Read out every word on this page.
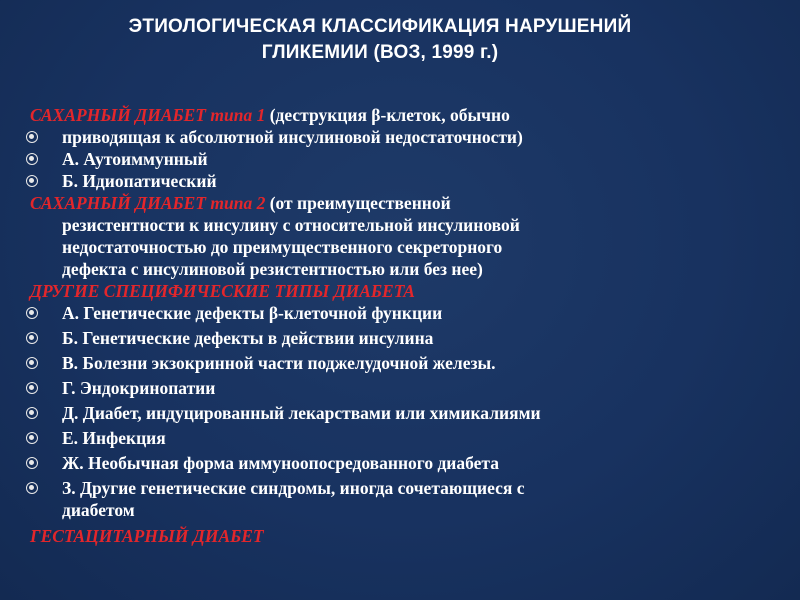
ЭТИОЛОГИЧЕСКАЯ КЛАССИФИКАЦИЯ НАРУШЕНИЙ
ГЛИКЕМИИ (ВОЗ, 1999 г.)
САХАРНЫЙ ДИАБЕТ типа 1 (деструкция β-клеток, обычно
приводящая к абсолютной инсулиновой недостаточности)
А. Аутоиммунный
Б. Идиопатический
САХАРНЫЙ ДИАБЕТ типа 2 (от преимущественной
резистентности к инсулину с относительной инсулиновой
недостаточностью до преимущественного секреторного
дефекта с инсулиновой резистентностью или без нее)
ДРУГИЕ СПЕЦИФИЧЕСКИЕ ТИПЫ ДИАБЕТА
А. Генетические дефекты β-клеточной функции
Б. Генетические дефекты в действии инсулина
В. Болезни экзокринной части поджелудочной железы.
Г. Эндокринопатии
Д. Диабет, индуцированный лекарствами или химикалиями
Е. Инфекция
Ж. Необычная форма иммуноопосредованного диабета
З. Другие генетические синдромы, иногда сочетающиеся с
диабетом
ГЕСТАЦИТАРНЫЙ ДИАБЕТ
